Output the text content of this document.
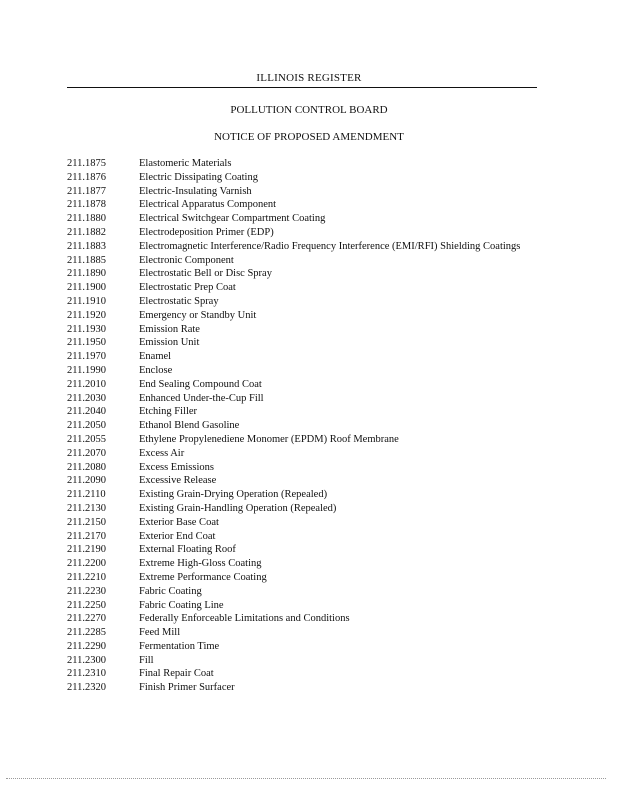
ILLINOIS REGISTER
POLLUTION CONTROL BOARD
NOTICE OF PROPOSED AMENDMENT
211.1875	Elastomeric Materials
211.1876	Electric Dissipating Coating
211.1877	Electric-Insulating Varnish
211.1878	Electrical Apparatus Component
211.1880	Electrical Switchgear Compartment Coating
211.1882	Electrodeposition Primer (EDP)
211.1883	Electromagnetic Interference/Radio Frequency Interference (EMI/RFI) Shielding Coatings
211.1885	Electronic Component
211.1890	Electrostatic Bell or Disc Spray
211.1900	Electrostatic Prep Coat
211.1910	Electrostatic Spray
211.1920	Emergency or Standby Unit
211.1930	Emission Rate
211.1950	Emission Unit
211.1970	Enamel
211.1990	Enclose
211.2010	End Sealing Compound Coat
211.2030	Enhanced Under-the-Cup Fill
211.2040	Etching Filler
211.2050	Ethanol Blend Gasoline
211.2055	Ethylene Propylenediene Monomer (EPDM) Roof Membrane
211.2070	Excess Air
211.2080	Excess Emissions
211.2090	Excessive Release
211.2110	Existing Grain-Drying Operation (Repealed)
211.2130	Existing Grain-Handling Operation (Repealed)
211.2150	Exterior Base Coat
211.2170	Exterior End Coat
211.2190	External Floating Roof
211.2200	Extreme High-Gloss Coating
211.2210	Extreme Performance Coating
211.2230	Fabric Coating
211.2250	Fabric Coating Line
211.2270	Federally Enforceable Limitations and Conditions
211.2285	Feed Mill
211.2290	Fermentation Time
211.2300	Fill
211.2310	Final Repair Coat
211.2320	Finish Primer Surfacer
